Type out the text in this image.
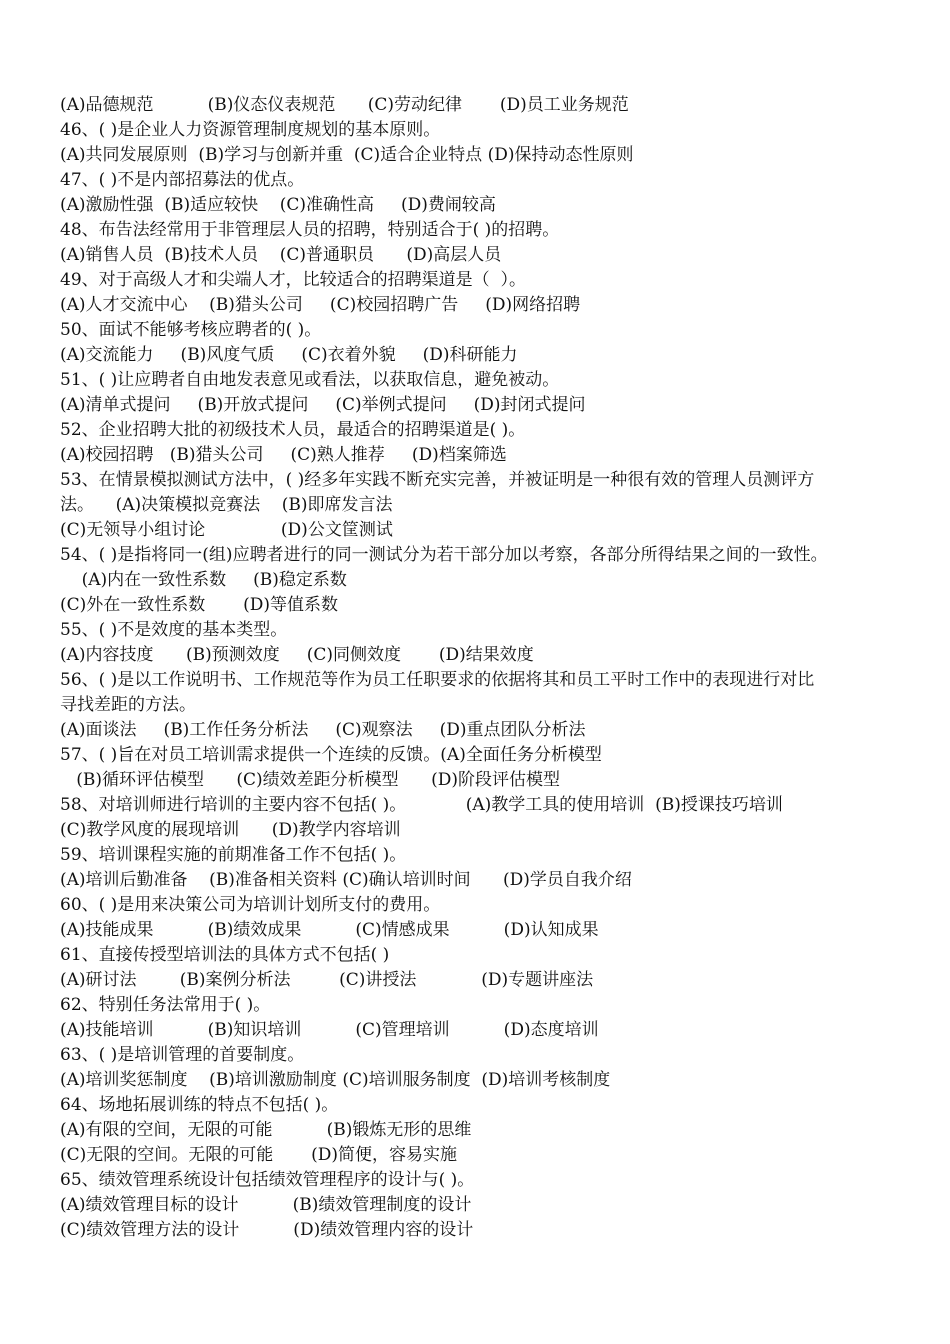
(A)品德规范          (B)仪态仪表规范      (C)劳动纪律       (D)员工业务规范
46、( )是企业人力资源管理制度规划的基本原则。
(A)共同发展原则  (B)学习与创新并重  (C)适合企业特点 (D)保持动态性原则
47、( )不是内部招募法的优点。
(A)激励性强  (B)适应较快    (C)准确性高     (D)费闹较高
48、布告法经常用于非管理层人员的招聘，特别适合于( )的招聘。
(A)销售人员  (B)技术人员    (C)普通职员      (D)高层人员
49、对于高级人才和尖端人才，比较适合的招聘渠道是（  ）。
(A)人才交流中心    (B)猎头公司     (C)校园招聘广告     (D)网络招聘
50、面试不能够考核应聘者的( )。
(A)交流能力     (B)风度气质     (C)衣着外貌     (D)科研能力
51、( )让应聘者自由地发表意见或看法，以获取信息，避免被动。
(A)清单式提问     (B)开放式提问     (C)举例式提问     (D)封闭式提问
52、企业招聘大批的初级技术人员，最适合的招聘渠道是( )。
(A)校园招聘   (B)猎头公司     (C)熟人推荐     (D)档案筛选
53、在情景模拟测试方法中，( )经多年实践不断充实完善，并被证明是一种很有效的管理人员测评方
法。    (A)决策模拟竞赛法    (B)即席发言法
(C)无领导小组讨论              (D)公文筐测试
54、( )是指将同一(组)应聘者进行的同一测试分为若干部分加以考察，各部分所得结果之间的一致性。
(A)内在一致性系数     (B)稳定系数
(C)外在一致性系数       (D)等值系数
55、( )不是效度的基本类型。
(A)内容技度      (B)预测效度     (C)同侧效度       (D)结果效度
56、( )是以工作说明书、工作规范等作为员工任职要求的依据将其和员工平时工作中的表现进行对比
寻找差距的方法。
(A)面谈法     (B)工作任务分析法     (C)观察法     (D)重点团队分析法
57、( )旨在对员工培训需求提供一个连续的反馈。(A)全面任务分析模型
(B)循环评估模型      (C)绩效差距分析模型      (D)阶段评估模型
58、对培训师进行培训的主要内容不包括( )。           (A)教学工具的使用培训  (B)授课技巧培训
(C)教学风度的展现培训      (D)教学内容培训
59、培训课程实施的前期准备工作不包括( )。
(A)培训后勤准备    (B)准备相关资料 (C)确认培训时间      (D)学员自我介绍
60、( )是用来决策公司为培训计划所支付的费用。
(A)技能成果          (B)绩效成果          (C)情感成果          (D)认知成果
61、直接传授型培训法的具体方式不包括( )
(A)研讨法        (B)案例分析法         (C)讲授法            (D)专题讲座法
62、特别任务法常用于( )。
(A)技能培训          (B)知识培训          (C)管理培训          (D)态度培训
63、( )是培训管理的首要制度。
(A)培训奖惩制度    (B)培训激励制度 (C)培训服务制度  (D)培训考核制度
64、场地拓展训练的特点不包括( )。
(A)有限的空间，无限的可能          (B)锻炼无形的思维
(C)无限的空间。无限的可能       (D)简便，容易实施
65、绩效管理系统设计包括绩效管理程序的设计与( )。
(A)绩效管理目标的设计          (B)绩效管理制度的设计
(C)绩效管理方法的设计          (D)绩效管理内容的设计
